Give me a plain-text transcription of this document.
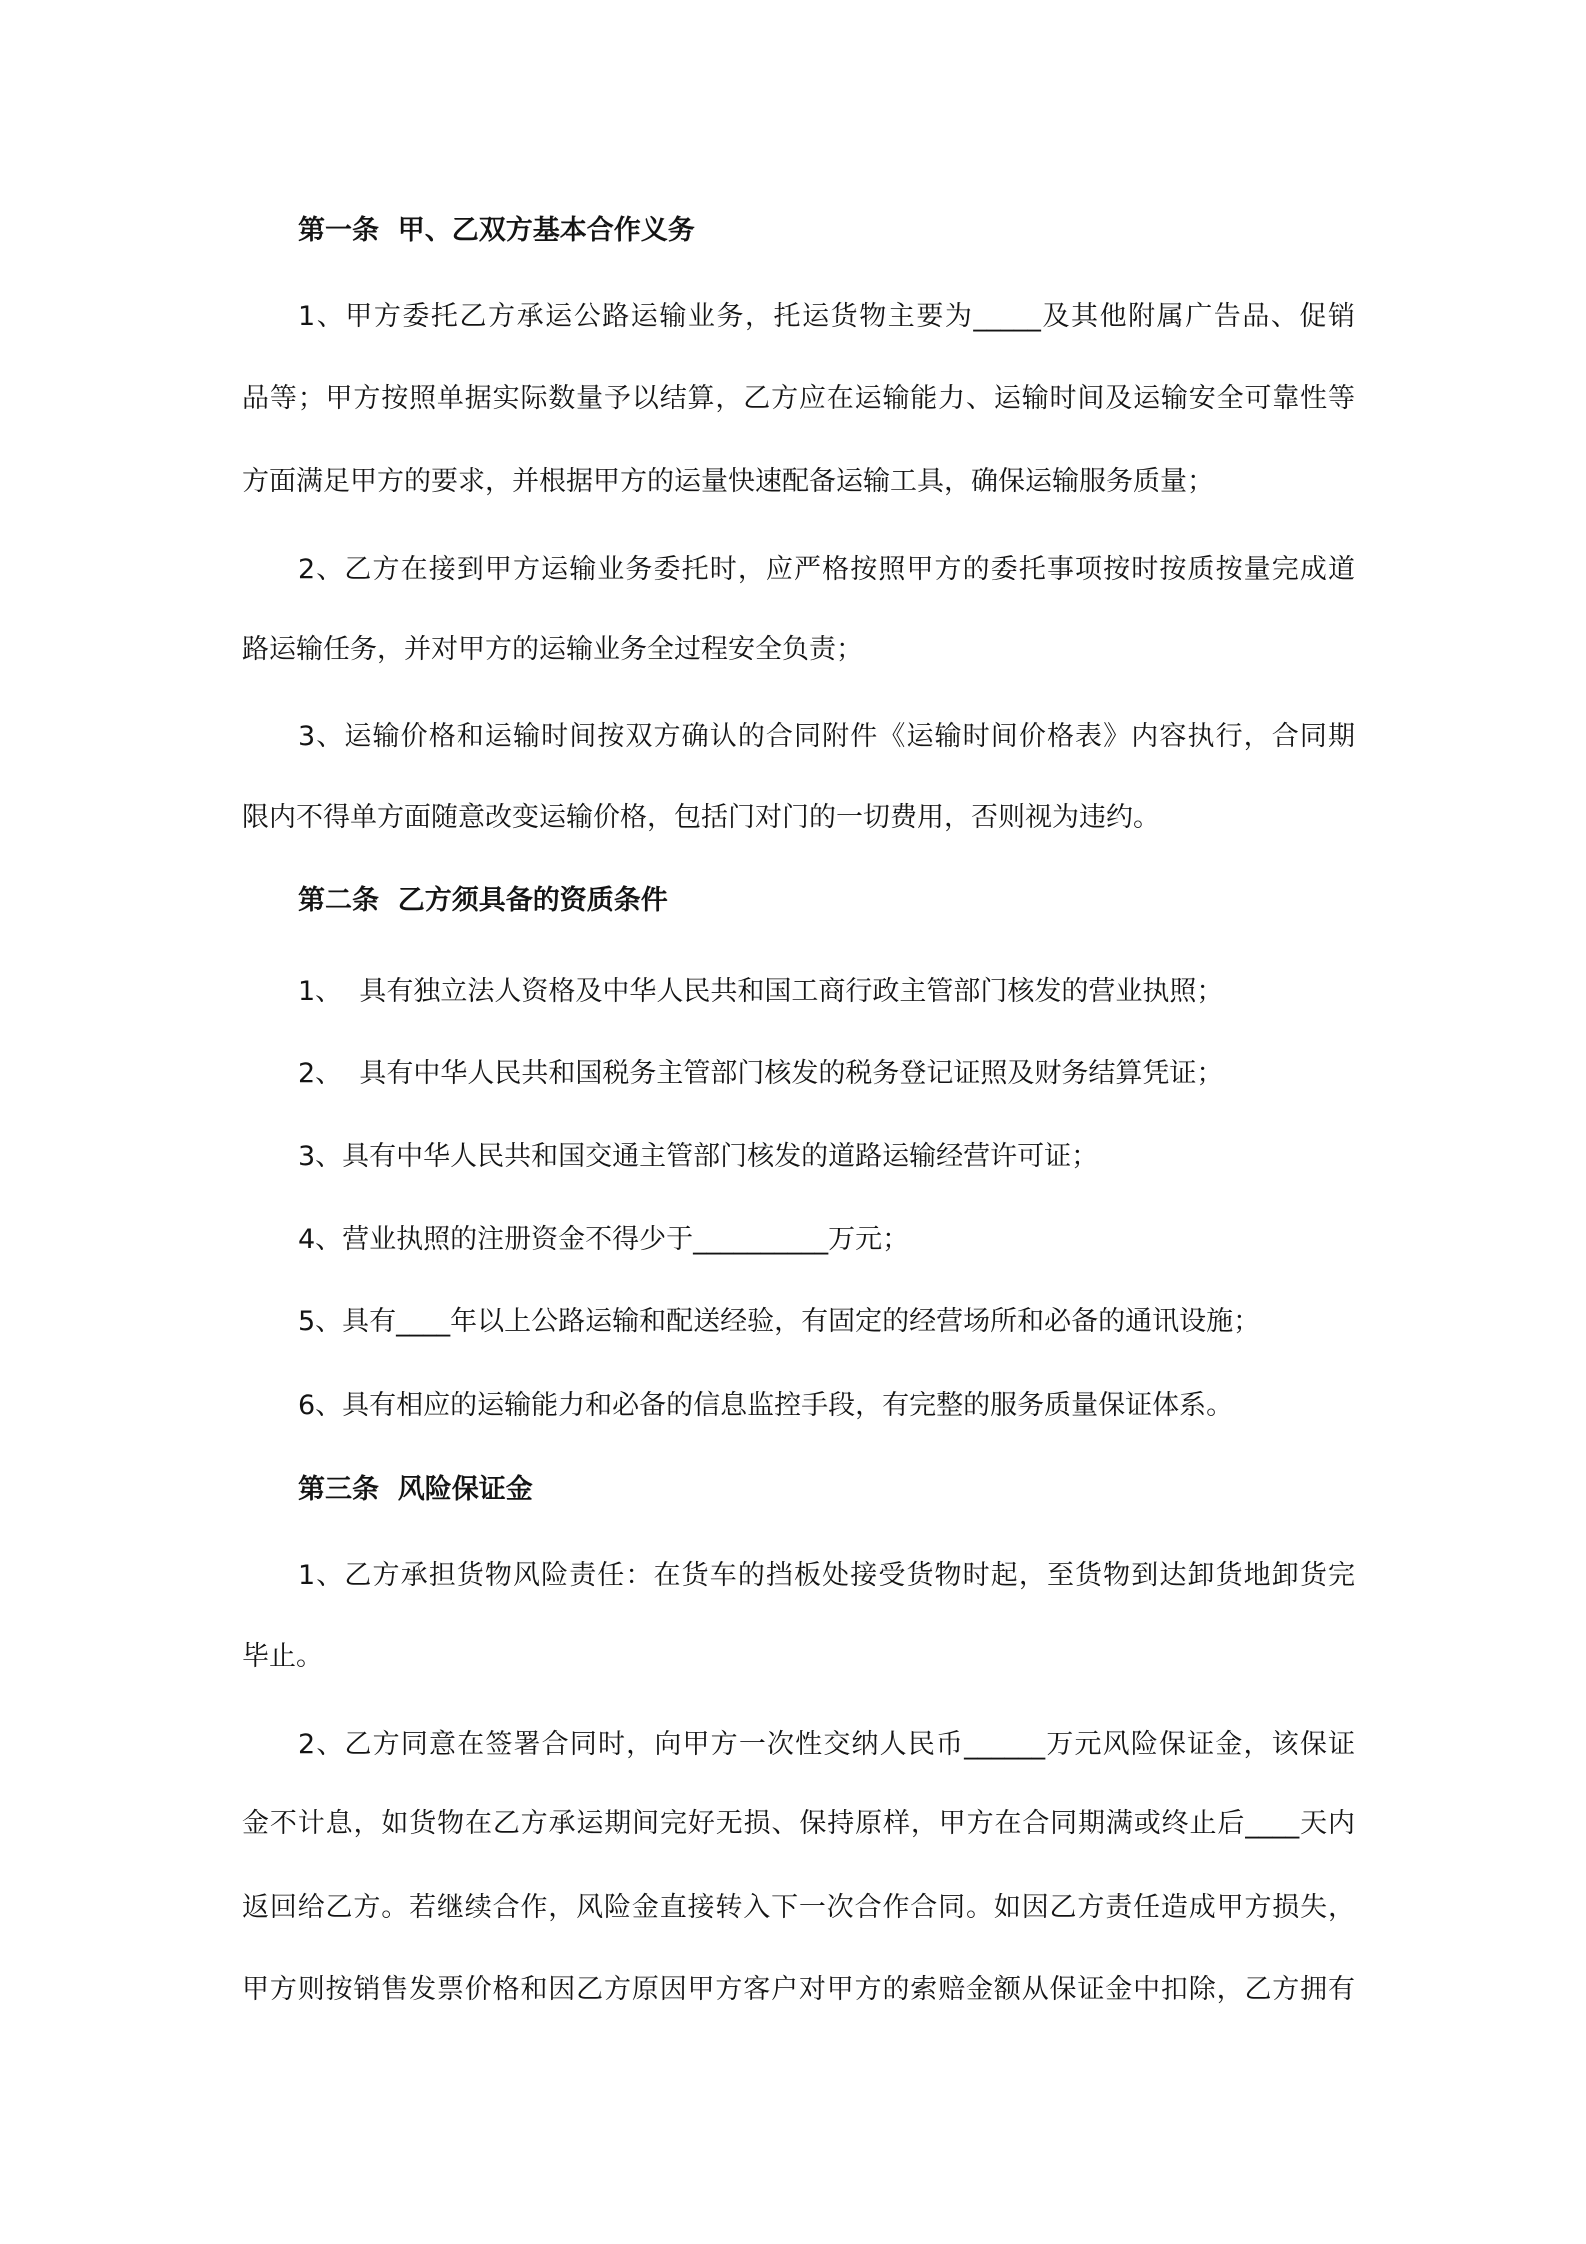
第一条  甲、乙双方基本合作义务
1、甲方委托乙方承运公路运输业务，托运货物主要为_____及其他附属广告品、促销
品等；甲方按照单据实际数量予以结算，乙方应在运输能力、运输时间及运输安全可靠性等
方面满足甲方的要求，并根据甲方的运量快速配备运输工具，确保运输服务质量；
2、乙方在接到甲方运输业务委托时，应严格按照甲方的委托事项按时按质按量完成道
路运输任务，并对甲方的运输业务全过程安全负责；
3、运输价格和运输时间按双方确认的合同附件《运输时间价格表》内容执行，合同期
限内不得单方面随意改变运输价格，包括门对门的一切费用，否则视为违约。
第二条  乙方须具备的资质条件
1、  具有独立法人资格及中华人民共和国工商行政主管部门核发的营业执照；
2、  具有中华人民共和国税务主管部门核发的税务登记证照及财务结算凭证；
3、具有中华人民共和国交通主管部门核发的道路运输经营许可证；
4、营业执照的注册资金不得少于__________万元；
5、具有____年以上公路运输和配送经验，有固定的经营场所和必备的通讯设施；
6、具有相应的运输能力和必备的信息监控手段，有完整的服务质量保证体系。
第三条  风险保证金
1、乙方承担货物风险责任：在货车的挡板处接受货物时起，至货物到达卸货地卸货完
毕止。
2、乙方同意在签署合同时，向甲方一次性交纳人民币______万元风险保证金，该保证
金不计息，如货物在乙方承运期间完好无损、保持原样，甲方在合同期满或终止后____天内
返回给乙方。若继续合作，风险金直接转入下一次合作合同。如因乙方责任造成甲方损失，
甲方则按销售发票价格和因乙方原因甲方客户对甲方的索赔金额从保证金中扣除，乙方拥有
